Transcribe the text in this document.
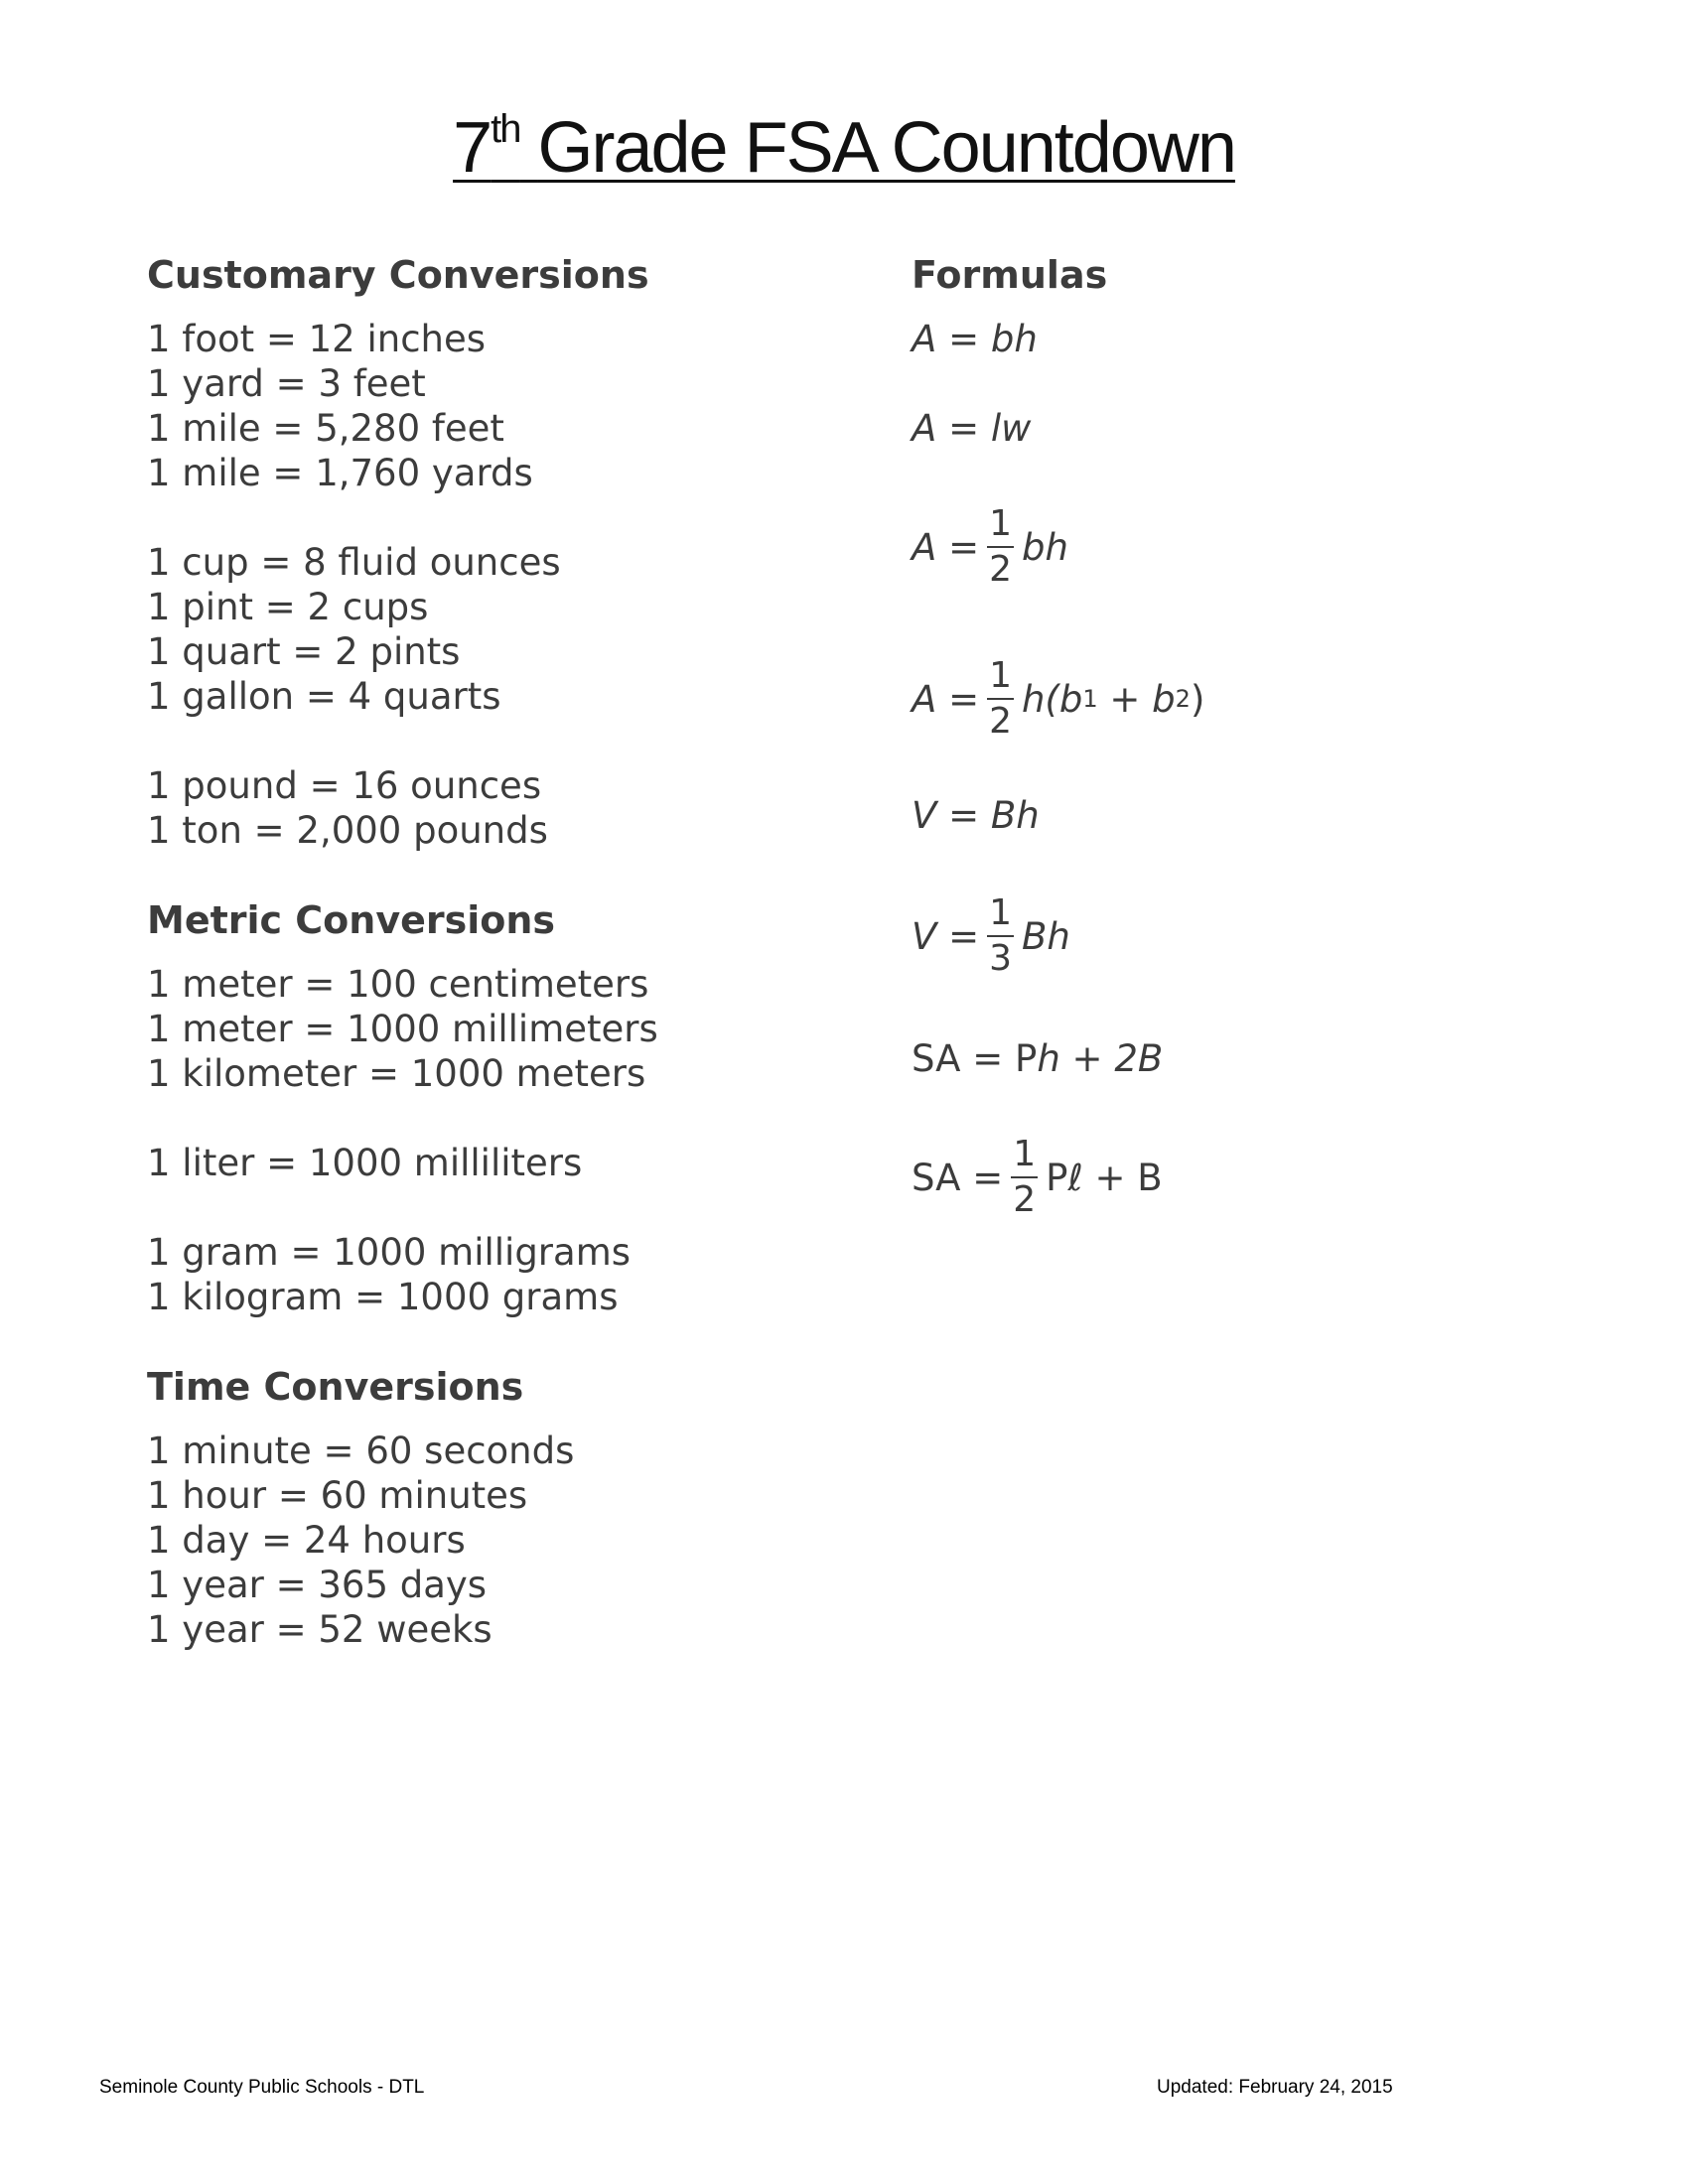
7th Grade FSA Countdown
Customary Conversions
1 foot = 12 inches
1 yard = 3 feet
1 mile = 5,280 feet
1 mile = 1,760 yards
1 cup = 8 fluid ounces
1 pint = 2 cups
1 quart = 2 pints
1 gallon = 4 quarts
1 pound = 16 ounces
1 ton = 2,000 pounds
Metric Conversions
1 meter = 100 centimeters
1 meter = 1000 millimeters
1 kilometer = 1000 meters
1 liter = 1000 milliliters
1 gram = 1000 milligrams
1 kilogram = 1000 grams
Time Conversions
1 minute = 60 seconds
1 hour = 60 minutes
1 day = 24 hours
1 year = 365 days
1 year = 52 weeks
Formulas
A = bh
A = lw
$A = \frac{1}{2}$ bh
$A = \frac{1}{2} h(b$ 1 + b 2 )
V = Bh
$V = \frac{1}{3}$ Bh
SA = P h + 2B
SA = $\frac{1}{2}$ Pℓ + B
Seminole County Public Schools - DTL	Updated: February 24, 2015
